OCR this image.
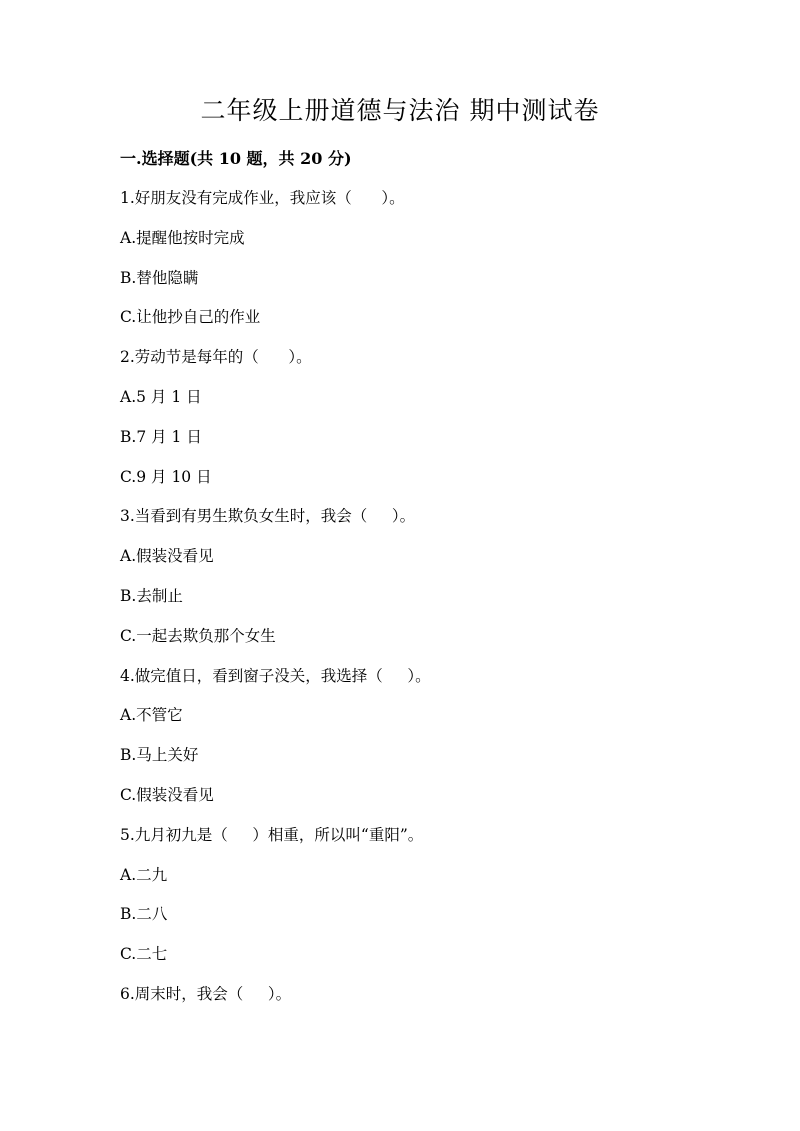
二年级上册道德与法治 期中测试卷
一.选择题(共 10 题，共 20 分)
1.好朋友没有完成作业，我应该（      ）。
A.提醒他按时完成
B.替他隐瞒
C.让他抄自己的作业
2.劳动节是每年的（      ）。
A.5 月 1 日
B.7 月 1 日
C.9 月 10 日
3.当看到有男生欺负女生时，我会（     ）。
A.假装没看见
B.去制止
C.一起去欺负那个女生
4.做完值日，看到窗子没关，我选择（     ）。
A.不管它
B.马上关好
C.假装没看见
5.九月初九是（     ）相重，所以叫“重阳”。
A.二九
B.二八
C.二七
6.周末时，我会（     ）。
